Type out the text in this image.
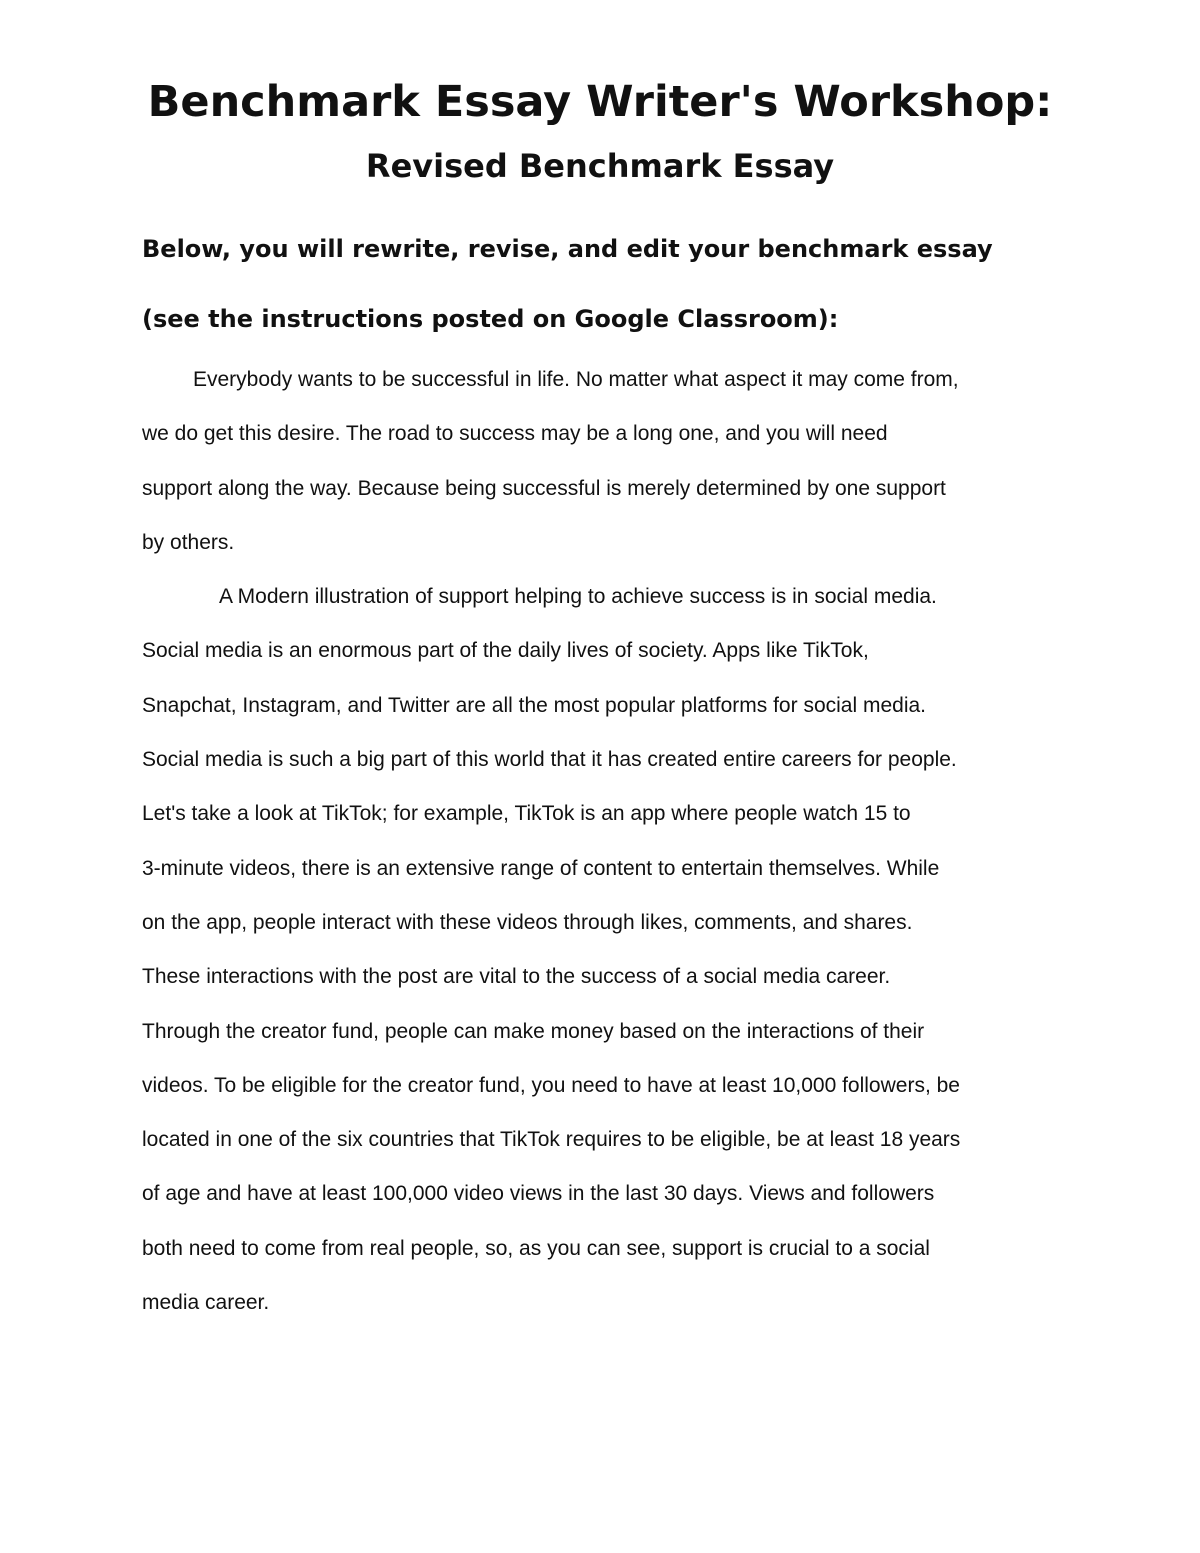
Benchmark Essay Writer's Workshop:
Revised Benchmark Essay
Below, you will rewrite, revise, and edit your benchmark essay
(see the instructions posted on Google Classroom):
Everybody wants to be successful in life. No matter what aspect it may come from,
we do get this desire. The road to success may be a long one, and you will need
support along the way. Because being successful is merely determined by one support
by others.
A Modern illustration of support helping to achieve success is in social media.
Social media is an enormous part of the daily lives of society. Apps like TikTok,
Snapchat, Instagram, and Twitter are all the most popular platforms for social media.
Social media is such a big part of this world that it has created entire careers for people.
Let's take a look at TikTok; for example, TikTok is an app where people watch 15 to
3-minute videos, there is an extensive range of content to entertain themselves. While
on the app, people interact with these videos through likes, comments, and shares.
These interactions with the post are vital to the success of a social media career.
Through the creator fund, people can make money based on the interactions of their
videos. To be eligible for the creator fund, you need to have at least 10,000 followers, be
located in one of the six countries that TikTok requires to be eligible, be at least 18 years
of age and have at least 100,000 video views in the last 30 days. Views and followers
both need to come from real people, so, as you can see, support is crucial to a social
media career.
